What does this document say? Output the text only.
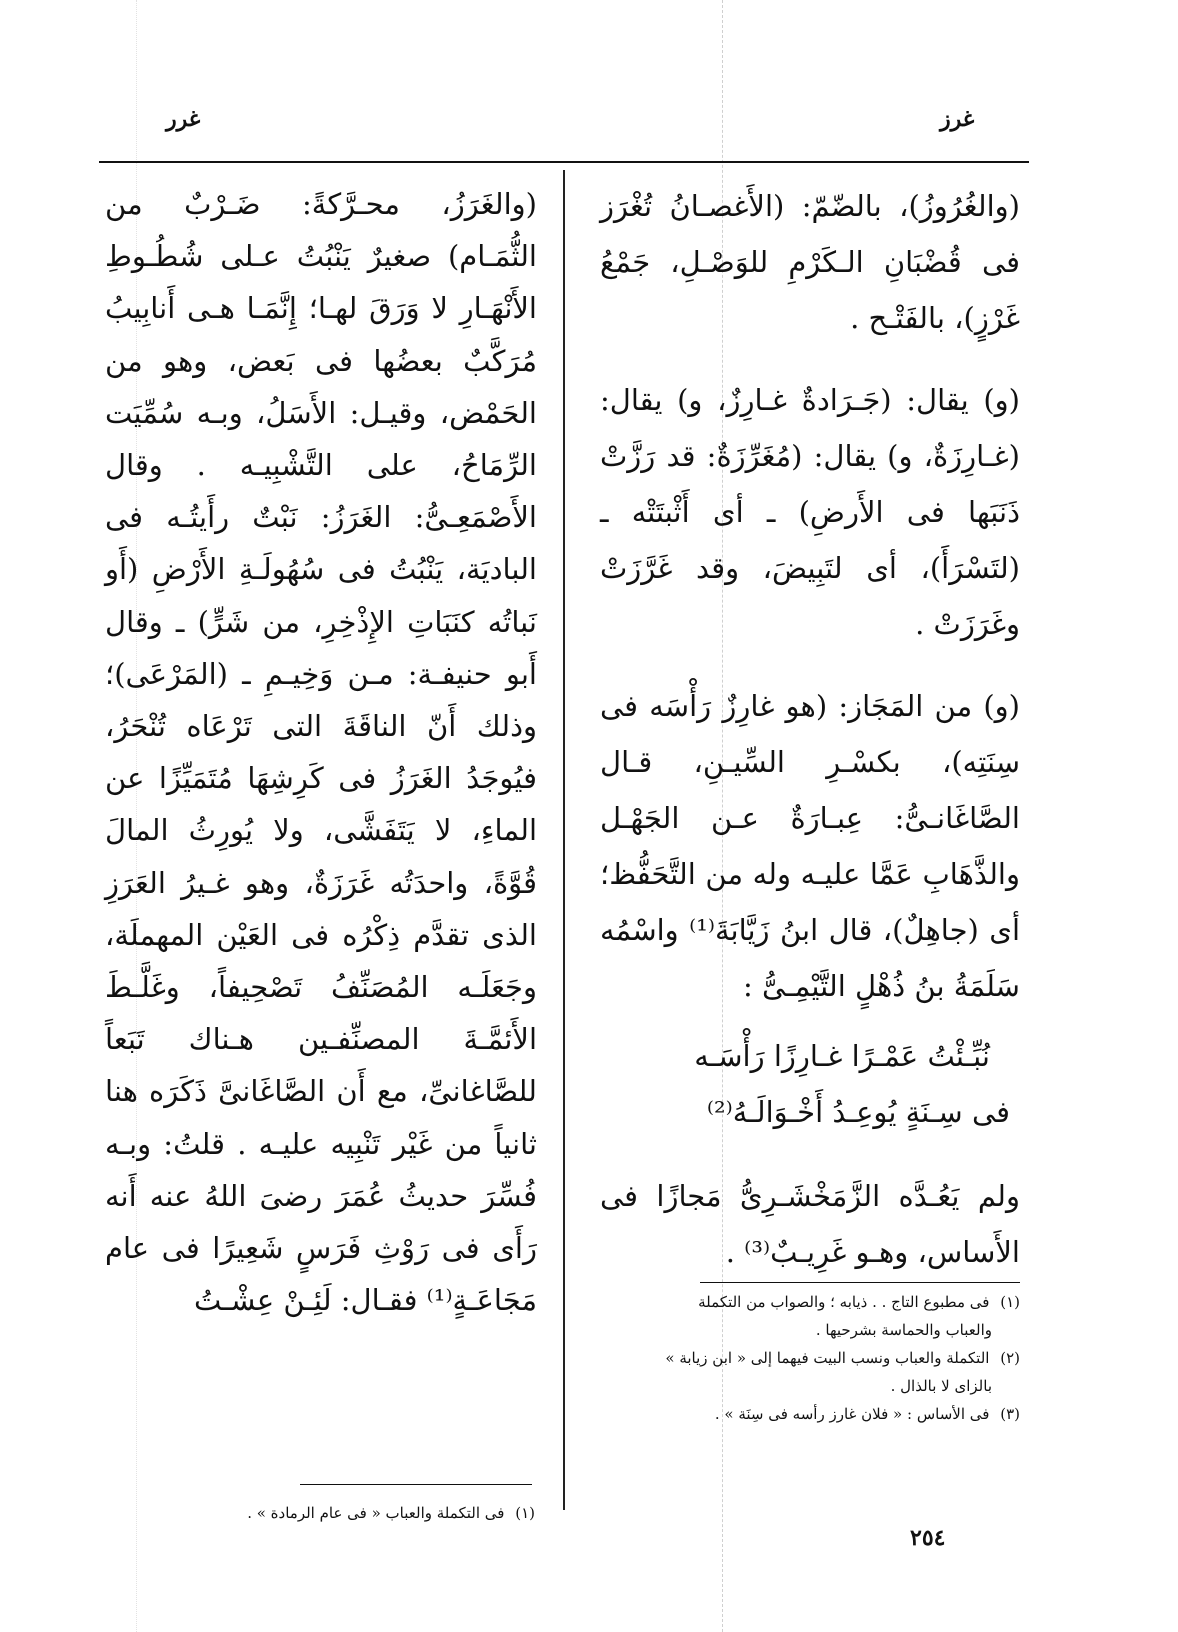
غرز
غرر

(والغُرُوزُ)، بالضّمّ: (الأَغصـانُ تُغْرَز فى قُضْبَانِ الـكَرْمِ للوَصْـلِ، جَمْعُ غَرْزٍ)، بالفَتْـح .

(و) يقال: (جَـرَادةٌ غـارِزٌ، و) يقال: (غـارِزَةٌ، و) يقال: (مُغَرِّزَةٌ: قد رَزَّتْ ذَنَبَها فى الأَرضِ) ـ أى أَثْبتَتْه ـ (لتَسْرَأَ)، أى لتَبِيضَ، وقد غَرَّزَتْ وغَرَزَتْ .

(و) من المَجَاز: (هو غارِزٌ رَأْسَه فى سِنَتِه)، بكسْـرِ السِّيـنِ، قـال الصَّاغَانـىُّ: عِبـارَةٌ عـن الجَهْـل والذَّهَابِ عَمَّا عليـه وله من التَّحَفُّظ؛ أى (جاهِلٌ)، قال ابنُ زَيَّابَةَ⁽¹⁾ واسْمُه سَلَمَةُ بنُ ذُهْلٍ التَّيْمِـىُّ :

نُبِّـئْتُ عَمْـرًا غـارِزًا رَأْسَـه

فى سِـنَةٍ يُوعِـدُ أَخْـوَالَـهُ⁽²⁾

ولم يَعُـدَّه الزَّمَخْشَـرِىُّ مَجازًا فى الأَساس، وهـو غَرِيـبٌ⁽³⁾ .

(١) فى مطبوع التاج . . ذيابه ؛ والصواب من التكملة
والعباب والحماسة بشرحيها .
(٢) التكملة والعباب ونسب البيت فيهما إلى « ابن زيابة »
بالزاى لا بالذال .
(٣) فى الأساس : « فلان غارز رأسه فى سِنَة » .

(والغَرَزُ، محـرَّكةً: ضَـرْبٌ من الثُّمَـام) صغيرٌ يَنْبُتُ عـلى شُطُـوطِ الأَنْهَـارِ لا وَرَقَ لهـا؛ إِنَّمَـا هـى أَنابِيبُ مُرَكَّبٌ بعضُها فى بَعض، وهو من الحَمْض، وقيـل: الأَسَلُ، وبـه سُمِّيَت الرِّمَاحُ، على التَّشْبِيـه . وقال الأَصْمَعِـىُّ: الغَرَزُ: نَبْتٌ رأَيتُـه فى الباديَة، يَنْبُتُ فى سُهُولَـةِ الأَرْضِ (أَو نَباتُه كنَبَاتِ الإِذْخِرِ، من شَرٍّ) ـ وقال أَبو حنيفـة: مـن وَخِيـمِ ـ (المَرْعَى)؛ وذلك أَنّ الناقَةَ التى تَرْعَاه تُنْحَرُ، فيُوجَدُ الغَرَزُ فى كَرِشِهَا مُتَمَيِّزًا عن الماءِ، لا يَتَفَشَّى، ولا يُورِثُ المالَ قُوَّةً، واحدَتُه غَرَزَةٌ، وهو غـيرُ العَرَزِ الذى تقدَّم ذِكْرُه فى العَيْن المهملَة، وجَعَلَـه المُصَنِّفُ تَصْحِيفاً، وغَلَّـطَ الأَئمَّـةَ المصنِّفـين هـناك تَبَعاً للصَّاغانىِّ، مع أَن الصَّاغَانىَّ ذَكَرَه هنا ثانياً من غَيْر تَنْبِيه عليـه . قلتُ: وبـه فُسِّرَ حديثُ عُمَرَ رضىَ اللهُ عنه أَنه رَأَى فى رَوْثِ فَرَسٍ شَعِيرًا فى عام مَجَاعَـةٍ⁽¹⁾ فقـال: لَئِـنْ عِشْـتُ

(١) فى التكملة والعباب « فى عام الرمادة » .
٢٥٤
